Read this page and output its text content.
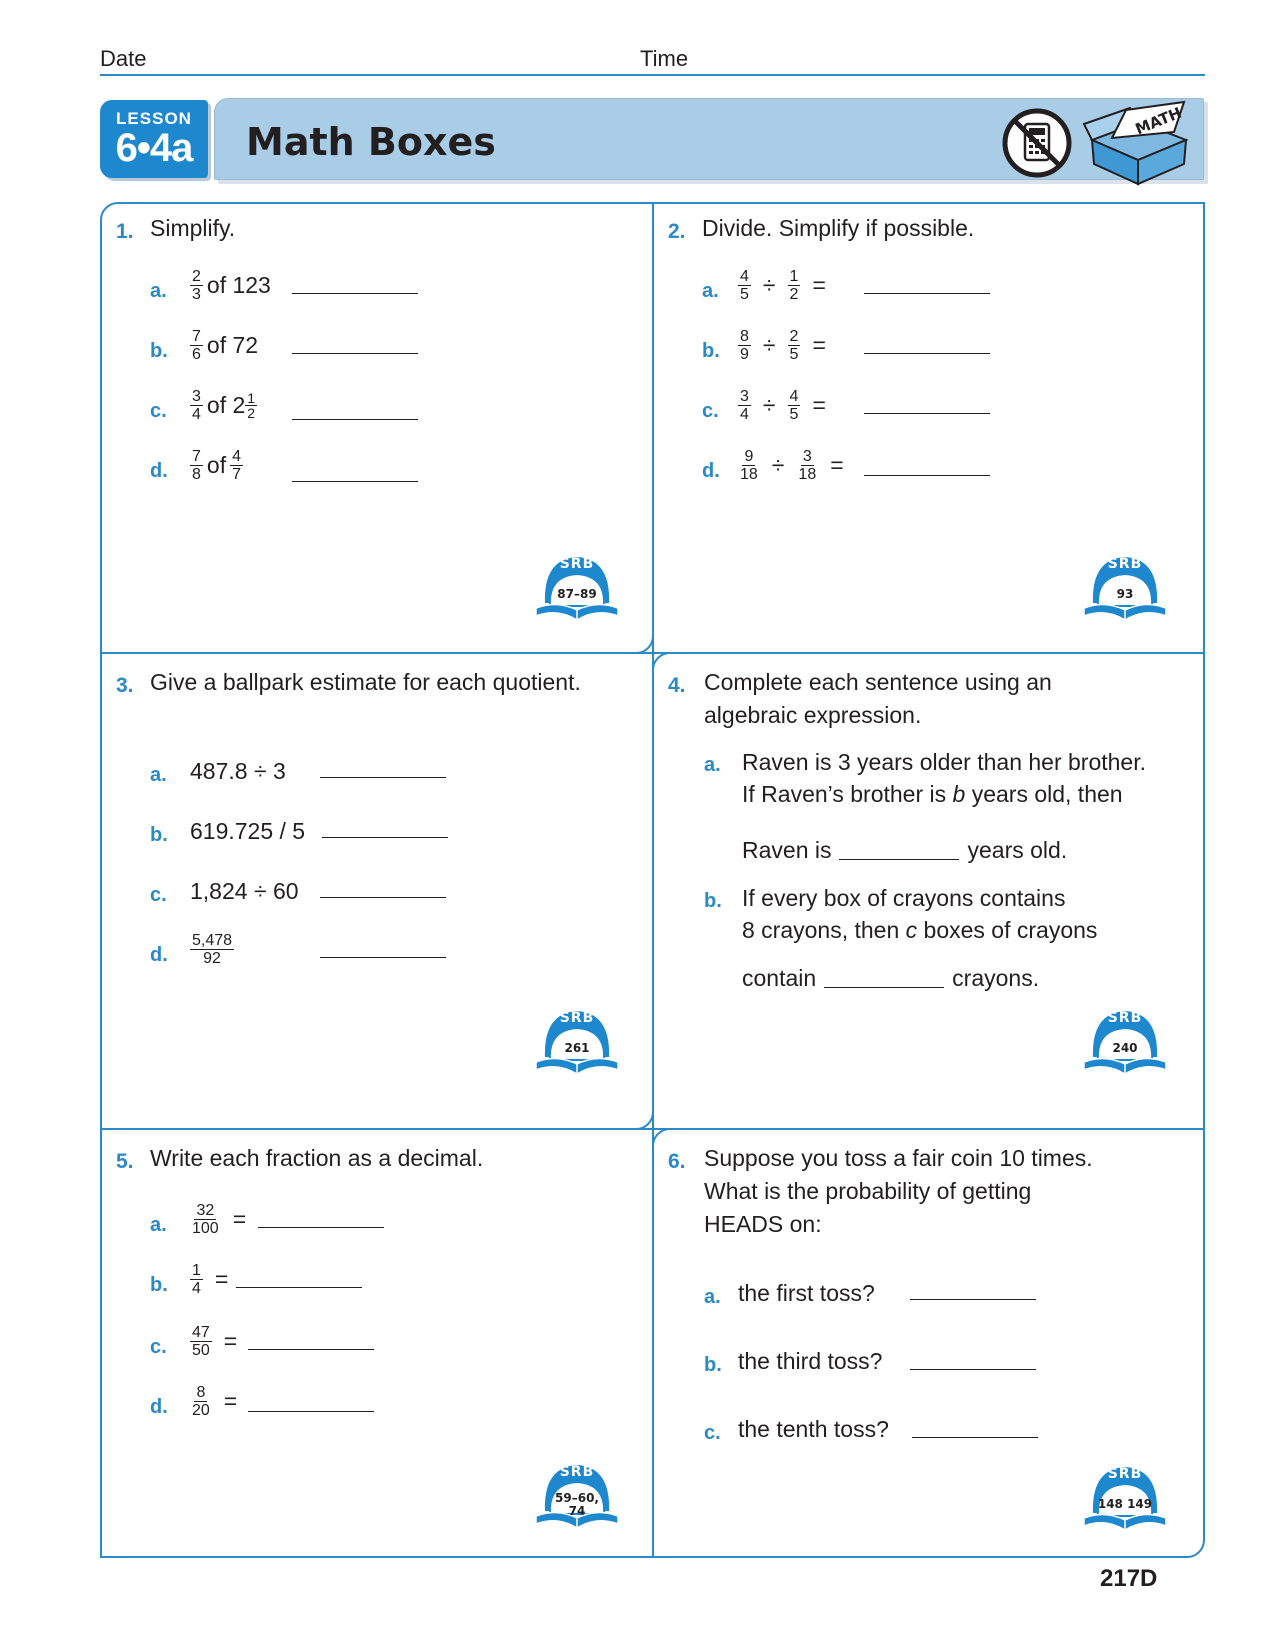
Date	Time
LESSON
6•4a	Math Boxes	MATH
1. Simplify.
a. $\frac{2}{3}$ of 123
b. $\frac{7}{6}$ of 72
c. $\frac{3}{4}$ of $2 \frac{1}{2}$
d. $\frac{7}{8}$ of $\frac{4}{7}$
SRB
87–89
2. Divide. Simplify if possible.
a. $\frac{4}{5} \div \frac{1}{2}$ =
b. $\frac{8}{9} \div \frac{2}{5}$ =
c. $\frac{3}{4} \div \frac{4}{5}$ =
d. $\frac{9}{18} \div \frac{3}{18}$ =
SRB
93
3. Give a ballpark estimate for each quotient.
a. 487.8 ÷ 3
b. 619.725 / 5
c. 1,824 ÷ 60
d. $\frac{5,478}{92}$
SRB
261
4. Complete each sentence using an
algebraic expression.
a. Raven is 3 years older than her brother.
If Raven’s brother is b years old, then
Raven is	years old.
b. If every box of crayons contains
8 crayons, then c boxes of crayons
contain	crayons.
SRB
240
5. Write each fraction as a decimal.
a. $\frac{32}{100}$ =
b. $\frac{1}{4}$ =
c. $\frac{47}{50}$ =
d. $\frac{8}{20}$ =
SRB
59–60,
74
6. Suppose you toss a fair coin 10 times.
What is the probability of getting
HEADS on:
a. the first toss?
b. the third toss?
c. the tenth toss?
SRB
148 149
217D
